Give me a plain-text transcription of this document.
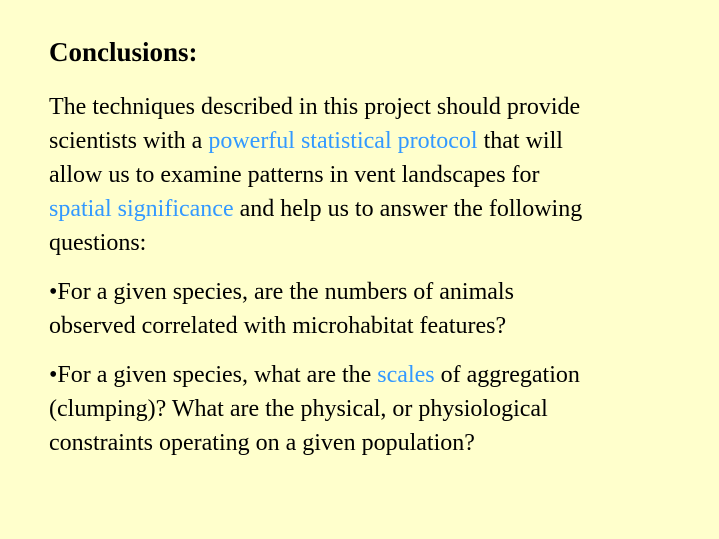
Conclusions:
The techniques described in this project should provide
scientists with a powerful statistical protocol that will
allow us to examine patterns in vent landscapes for
spatial significance and help us to answer the following
questions:
•For a given species, are the numbers of animals
observed correlated with microhabitat features?
•For a given species, what are the scales of aggregation
(clumping)? What are the physical, or physiological
constraints operating on a given population?
